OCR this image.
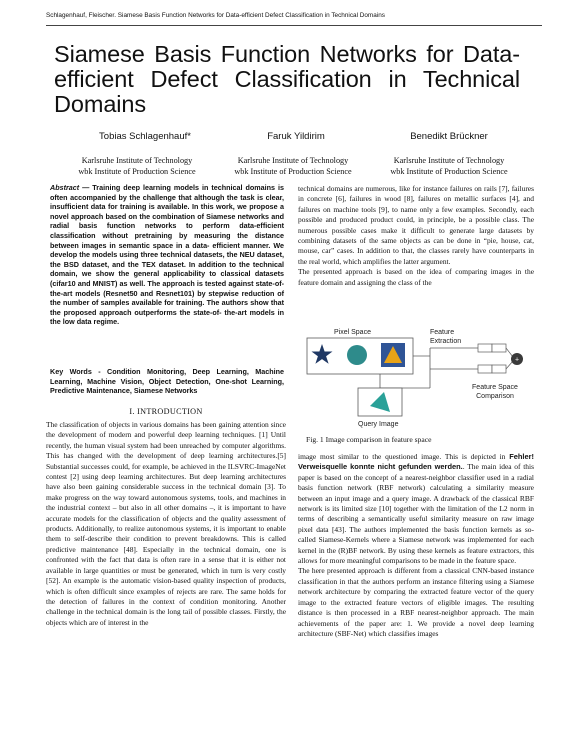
Schlagenhauf, Fleischer. Siamese Basis Function Networks for Data-efficient Defect Classification in Technical Domains
Siamese Basis Function Networks for Data-efficient Defect Classification in Technical Domains
Tobias Schlagenhauf*	Faruk Yildirim	Benedikt Brückner
Karlsruhe Institute of Technology
wbk Institute of Production Science
Karlsruhe Institute of Technology
wbk Institute of Production Science
Karlsruhe Institute of Technology
wbk Institute of Production Science
Abstract — Training deep learning models in technical domains is often accompanied by the challenge that although the task is clear, insufficient data for training is available. In this work, we propose a novel approach based on the combination of Siamese networks and radial basis function networks to perform data-efficient classification without pretraining by measuring the distance between images in semantic space in a data- efficient manner. We develop the models using three technical datasets, the NEU dataset, the BSD dataset, and the TEX dataset. In addition to the technical domain, we show the general applicability to classical datasets (cifar10 and MNIST) as well. The approach is tested against state-of-the-art models (Resnet50 and Resnet101) by stepwise reduction of the number of samples available for training. The authors show that the proposed approach outperforms the state-of- the-art models in the low data regime.
Key Words - Condition Monitoring, Deep Learning, Machine Learning, Machine Vision, Object Detection, One-shot Learning, Predictive Maintenance, Siamese Networks
I. INTRODUCTION

The classification of objects in various domains has been gaining attention since the development of modern and powerful deep learning techniques. [1] Until recently, the human visual system had been unreached by computer algorithms. This has changed with the development of deep learning architectures.[5] Substantial successes could, for example, be achieved in the ILSVRC-ImageNet contest [2] using deep learning architectures. But deep learning architectures have also been gaining considerable success in the technical domain [3]. To make progress on the way toward autonomous systems, tools, and machines in the industrial context – but also in all other domains –, it is important to have accurate models for the classification of objects and the quality assessment of products. Additionally, to realize autonomous systems, it is important to enable them to self-describe their condition to prevent breakdowns. This is called predictive maintenance [48]. Especially in the technical domain, one is confronted with the fact that data is often rare in a sense that it is either not available in large quantities or must be generated, which in turn is very costly [52]. An example is the automatic vision-based quality inspection of products, which is often difficult since examples of rejects are rare. The same holds for the detection of failures in the context of condition monitoring. Another challenge in the technical domain is the long tail of possible classes. Firstly, the objects which are of interest in the

technical domains are numerous, like for instance failures on rails [7], failures in concrete [6], failures in wood [8], failures on metallic surfaces [4], and failures on machine tools [9], to name only a few examples. Secondly, each possible and produced product could, in principle, be a possible class. The numerous possible cases make it difficult to generate large datasets by combining datasets of the same objects as can be done in “pie, house, cat, mouse, car” cases. In addition to that, the classes rarely have counterparts in the real world, which amplifies the latter argument.

The presented approach is based on the idea of comparing images in the feature domain and assigning the class of the

Pixel Space	Feature Extraction
Feature Space Comparison
Query Image
+
Fig. 1 Image comparison in feature space

image most similar to the questioned image. This is depicted in Fehler! Verweisquelle konnte nicht gefunden werden.. The main idea of this paper is based on the concept of a nearest-neighbor classifier used in a radial basis function network (RBF network) calculating a similarity measure between an input image and a query image. A drawback of the classical RBF network is its limited size [10] together with the limitation of the L2 norm in terms of describing a semantically useful similarity measure on raw image pixel data [43]. The authors implemented the basis function kernels as so-called Siamese-Kernels where a Siamese network was implemented for each kernel in the (R)BF network. By using these kernels as feature extractors, this allows for more meaningful comparisons to be made in the feature space.

The here presented approach is different from a classical CNN-based instance classification in that the authors perform an instance filtering using a Siamese network architecture by comparing the extracted feature vector of the query image to the extracted feature vectors of eligible images. The resulting distance is then processed in a RBF nearest-neighbor approach. The main achievements of the paper are: 1. We provide a novel deep learning architecture (SBF-Net) which classifies images
